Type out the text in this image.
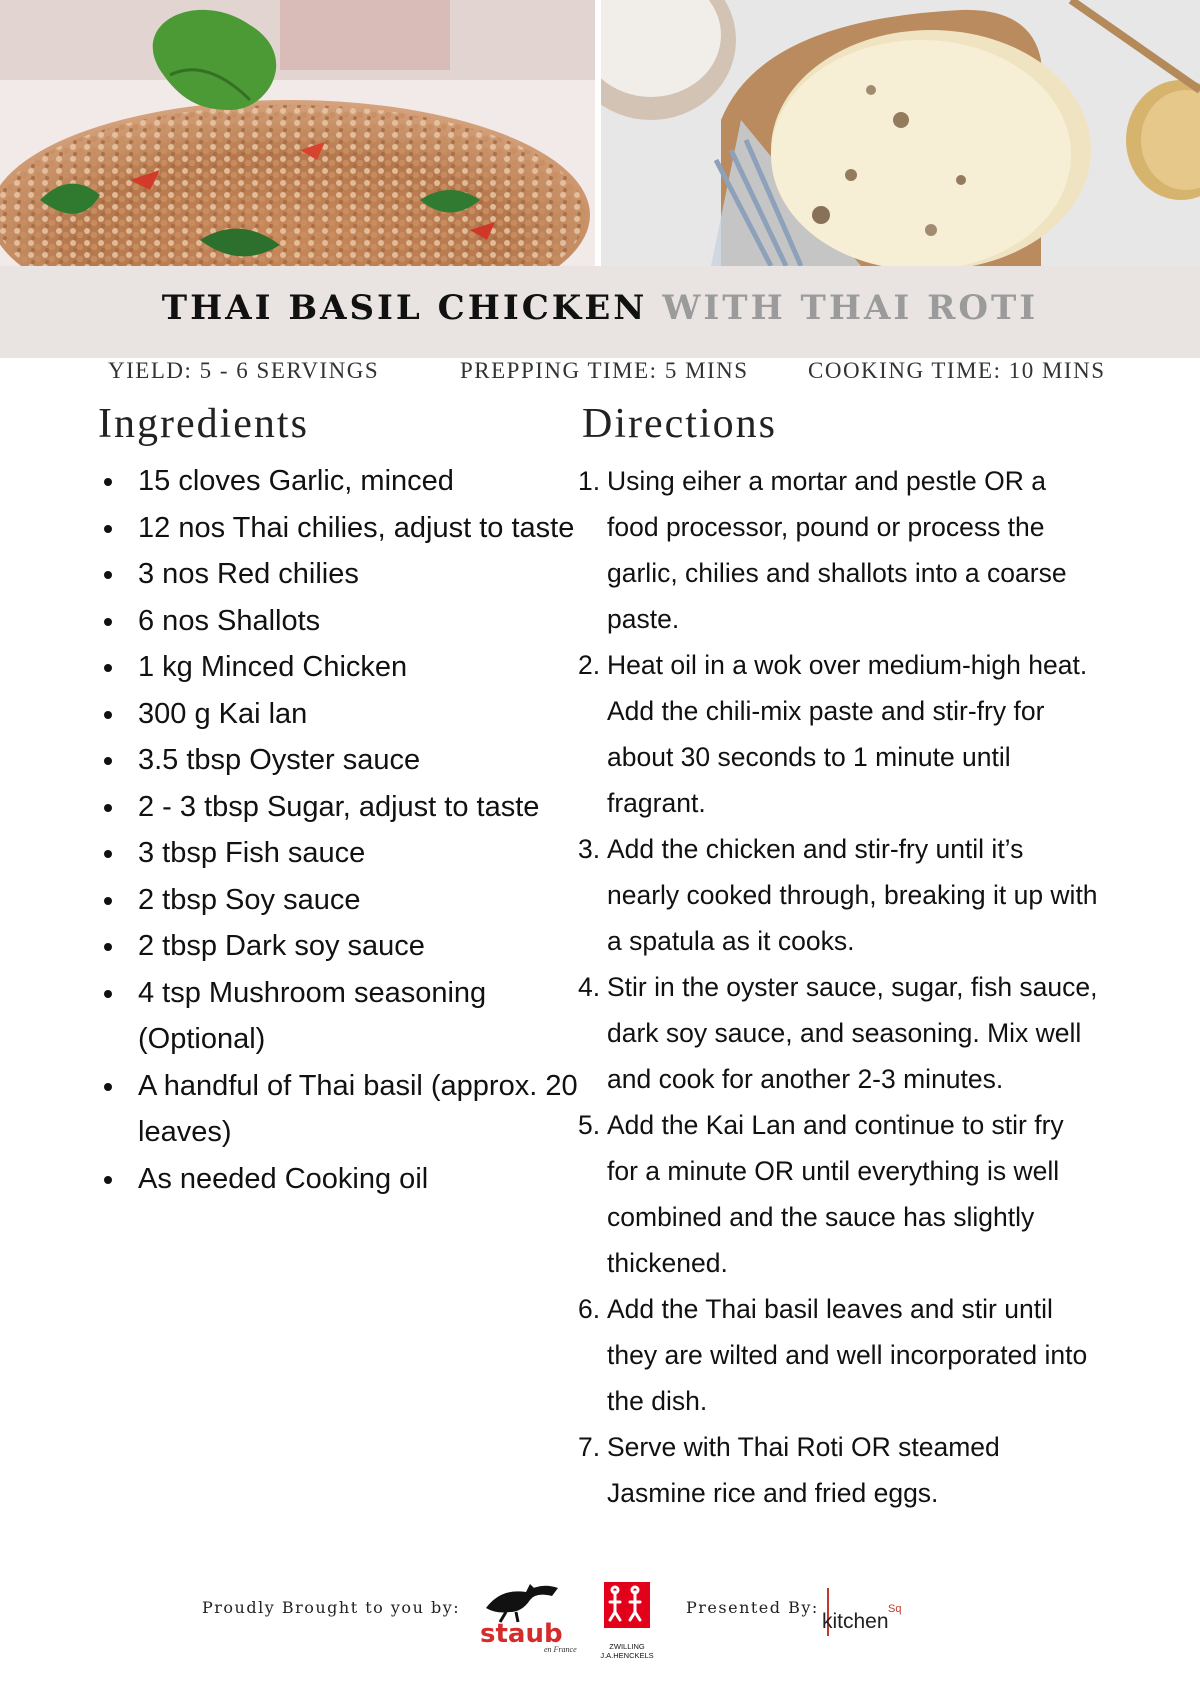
THAI BASIL CHICKEN WITH THAI ROTI
YIELD: 5 - 6 SERVINGS	PREPPING TIME: 5 MINS	COOKING TIME: 10 MINS
Ingredients
15 cloves Garlic, minced
12 nos Thai chilies, adjust to taste
3 nos Red chilies
6 nos Shallots
1 kg Minced Chicken
300 g Kai lan
3.5 tbsp Oyster sauce
2 - 3 tbsp Sugar, adjust to taste
3 tbsp Fish sauce
2 tbsp Soy sauce
2 tbsp Dark soy sauce
4 tsp Mushroom seasoning (Optional)
A handful of Thai basil (approx. 20 leaves)
As needed Cooking oil
Directions
1. Using eiher a mortar and pestle OR a food processor, pound or process the garlic, chilies and shallots into a coarse paste.
2. Heat oil in a wok over medium-high heat. Add the chili-mix paste and stir-fry for about 30 seconds to 1 minute until fragrant.
3. Add the chicken and stir-fry until it’s nearly cooked through, breaking it up with a spatula as it cooks.
4. Stir in the oyster sauce, sugar, fish sauce, dark soy sauce, and seasoning. Mix well and cook for another 2-3 minutes.
5. Add the Kai Lan and continue to stir fry for a minute OR until everything is well combined and the sauce has slightly thickened.
6. Add the Thai basil leaves and stir until they are wilted and well incorporated into the dish.
7. Serve with Thai Roti OR steamed Jasmine rice and fried eggs.
Proudly Brought to you by:
staub
en France	ZWILLING J.A.HENCKELS
Presented By:
kitchen
Sq
